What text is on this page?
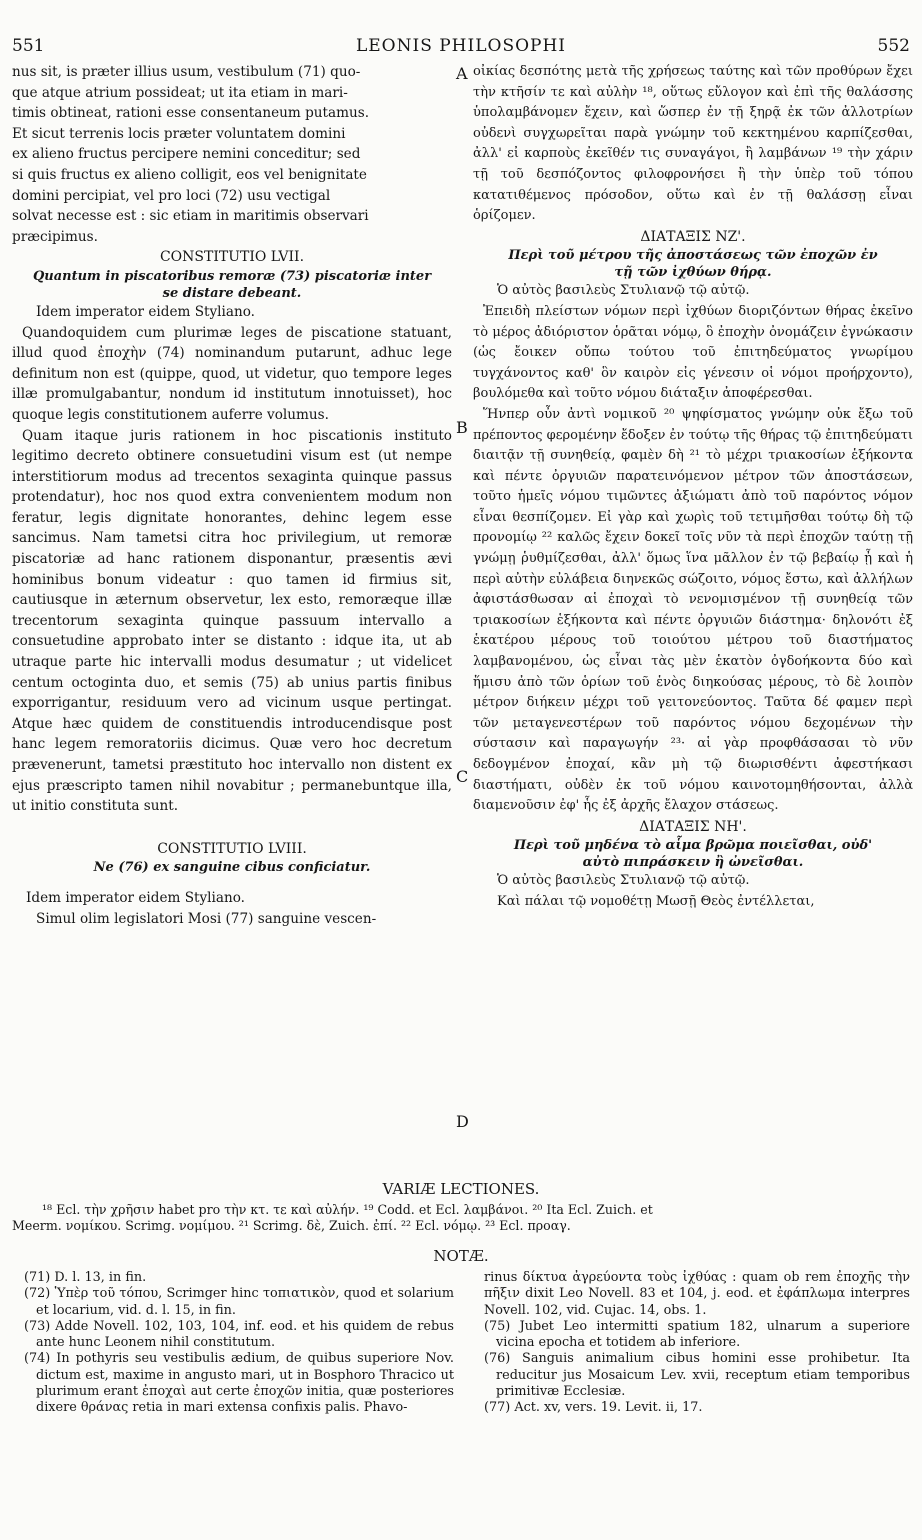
551	LEONIS PHILOSOPHI	552
A
B
C
D
nus sit, is præter illius usum, vestibulum (71) quo-
que atque atrium possideat; ut ita etiam in mari-
timis obtineat, rationi esse consentaneum putamus.
Et sicut terrenis locis præter voluntatem domini
ex alieno fructus percipere nemini conceditur; sed
si quis fructus ex alieno colligit, eos vel benignitate
domini percipiat, vel pro loci (72) usu vectigal
solvat necesse est : sic etiam in maritimis observari
præcipimus.

CONSTITUTIO LVII.

Quantum in piscatoribus remoræ (73) piscatoriæ inter

se distare debeant.

Idem imperator eidem Styliano.

Quandoquidem cum plurimæ leges de piscatione statuant, illud quod ἐποχὴν (74) nominandum putarunt, adhuc lege definitum non est (quippe, quod, ut videtur, quo tempore leges illæ promulgabantur, nondum id institutum innotuisset), hoc quoque legis constitutionem auferre volumus.

Quam itaque juris rationem in hoc piscationis instituto legitimo decreto obtinere consuetudini visum est (ut nempe interstitiorum modus ad trecentos sexaginta quinque passus protendatur), hoc nos quod extra convenientem modum non feratur, legis dignitate honorantes, dehinc legem esse sancimus. Nam tametsi citra hoc privilegium, ut remoræ piscatoriæ ad hanc rationem disponantur, præsentis ævi hominibus bonum videatur : quo tamen id firmius sit, cautiusque in æternum observetur, lex esto, remoræque illæ trecentorum sexaginta quinque passuum intervallo a consuetudine approbato inter se distanto : idque ita, ut ab utraque parte hic intervalli modus desumatur ; ut videlicet centum octoginta duo, et semis (75) ab unius partis finibus exporrigantur, residuum vero ad vicinum usque pertingat. Atque hæc quidem de constituendis introducendisque post hanc legem remoratoriis dicimus. Quæ vero hoc decretum prævenerunt, tametsi præstituto hoc intervallo non distent ex ejus præscripto tamen nihil novabitur ; permanebuntque illa, ut initio constituta sunt.

CONSTITUTIO LVIII.

Ne (76) ex sanguine cibus conficiatur.

Idem imperator eidem Styliano.

Simul olim legislatori Mosi (77) sanguine vescen-

οἰκίας δεσπότης μετὰ τῆς χρήσεως ταύτης καὶ τῶν προθύρων ἔχει τὴν κτῆσίν τε καὶ αὐλὴν ¹⁸, οὕτως εὔλογον καὶ ἐπὶ τῆς θαλάσσης ὑπολαμβάνομεν ἔχειν, καὶ ὥσπερ ἐν τῇ ξηρᾷ ἐκ τῶν ἀλλοτρίων οὐδενὶ συγχωρεῖται παρὰ γνώμην τοῦ κεκτημένου καρπίζεσθαι, ἀλλ' εἰ καρποὺς ἐκεῖθέν τις συναγάγοι, ἢ λαμβάνων ¹⁹ τὴν χάριν τῇ τοῦ δεσπόζοντος φιλοφρονήσει ἢ τὴν ὑπὲρ τοῦ τόπου κατατιθέμενος πρόσοδον, οὕτω καὶ ἐν τῇ θαλάσσῃ εἶναι ὁρίζομεν.

ΔΙΑΤΑΞΙΣ ΝΖ'.

Περὶ τοῦ μέτρου τῆς ἀποστάσεως τῶν ἐποχῶν ἐν

τῇ τῶν ἰχθύων θήρᾳ.

Ὁ αὐτὸς βασιλεὺς Στυλιανῷ τῷ αὐτῷ.

Ἐπειδὴ πλείστων νόμων περὶ ἰχθύων διοριζόντων θήρας ἐκεῖνο τὸ μέρος ἀδιόριστον ὁρᾶται νόμῳ, ὃ ἐποχὴν ὀνομάζειν ἐγνώκασιν (ὡς ἔοικεν οὔπω τούτου τοῦ ἐπιτηδεύματος γνωρίμου τυγχάνοντος καθ' ὃν καιρὸν εἰς γένεσιν οἱ νόμοι προήρχοντο), βουλόμεθα καὶ τοῦτο νόμου διάταξιν ἀποφέρεσθαι.

Ἥνπερ οὖν ἀντὶ νομικοῦ ²⁰ ψηφίσματος γνώμην οὐκ ἔξω τοῦ πρέποντος φερομένην ἔδοξεν ἐν τούτῳ τῆς θήρας τῷ ἐπιτηδεύματι διαιτᾷν τῇ συνηθείᾳ, φαμὲν δὴ ²¹ τὸ μέχρι τριακοσίων ἑξήκοντα καὶ πέντε ὀργυιῶν παρατεινόμενον μέτρον τῶν ἀποστάσεων, τοῦτο ἡμεῖς νόμου τιμῶντες ἀξιώματι ἀπὸ τοῦ παρόντος νόμον εἶναι θεσπίζομεν. Εἰ γὰρ καὶ χωρὶς τοῦ τετιμῆσθαι τούτῳ δὴ τῷ προνομίῳ ²² καλῶς ἔχειν δοκεῖ τοῖς νῦν τὰ περὶ ἐποχῶν ταύτῃ τῇ γνώμῃ ῥυθμίζεσθαι, ἀλλ' ὅμως ἵνα μᾶλλον ἐν τῷ βεβαίῳ ᾖ καὶ ἡ περὶ αὐτὴν εὐλάβεια διηνεκῶς σώζοιτο, νόμος ἔστω, καὶ ἀλλήλων ἀφιστάσθωσαν αἱ ἐποχαὶ τὸ νενομισμένον τῇ συνηθείᾳ τῶν τριακοσίων ἑξήκοντα καὶ πέντε ὀργυιῶν διάστημα· δηλονότι ἐξ ἑκατέρου μέρους τοῦ τοιούτου μέτρου τοῦ διαστήματος λαμβανομένου, ὡς εἶναι τὰς μὲν ἑκατὸν ὀγδοήκοντα δύο καὶ ἥμισυ ἀπὸ τῶν ὁρίων τοῦ ἑνὸς διηκούσας μέρους, τὸ δὲ λοιπὸν μέτρον διήκειν μέχρι τοῦ γειτονεύοντος. Ταῦτα δέ φαμεν περὶ τῶν μεταγενεστέρων τοῦ παρόντος νόμου δεχομένων τὴν σύστασιν καὶ παραγωγήν ²³· αἱ γὰρ προφθάσασαι τὸ νῦν δεδογμένον ἐποχαί, κἂν μὴ τῷ διωρισθέντι ἀφεστήκασι διαστήματι, οὐδὲν ἐκ τοῦ νόμου καινοτομηθήσονται, ἀλλὰ διαμενοῦσιν ἐφ' ἧς ἐξ ἀρχῆς ἔλαχον στάσεως.

ΔΙΑΤΑΞΙΣ ΝΗ'.

Περὶ τοῦ μηδένα τὸ αἷμα βρῶμα ποιεῖσθαι, οὐδ'

αὐτὸ πιπράσκειν ἢ ὠνεῖσθαι.

Ὁ αὐτὸς βασιλεὺς Στυλιανῷ τῷ αὐτῷ.

Καὶ πάλαι τῷ νομοθέτῃ Μωσῇ Θεὸς ἐντέλλεται,

VARIÆ LECTIONES.

¹⁸ Ecl. τὴν χρῆσιν habet pro τὴν κτ. τε καὶ αὐλήν. ¹⁹ Codd. et Ecl. λαμβάνοι. ²⁰ Ita Ecl. Zuich. et

Meerm. νομίκου. Scrimg. νομίμου. ²¹ Scrimg. δὲ, Zuich. ἐπί. ²² Ecl. νόμῳ. ²³ Ecl. προαγ.

NOTÆ.

(71) D. l. 13, in fin.

(72) Ὑπὲρ τοῦ τόπου, Scrimger hinc τοπιατικὸν, quod et solarium et locarium, vid. d. l. 15, in fin.

(73) Adde Novell. 102, 103, 104, inf. eod. et his quidem de rebus ante hunc Leonem nihil constitutum.

(74) In pothyris seu vestibulis ædium, de quibus superiore Nov. dictum est, maxime in angusto mari, ut in Bosphoro Thracico ut plurimum erant ἐποχαὶ aut certe ἐποχῶν initia, quæ posteriores dixere θράνας retia in mari extensa confixis palis. Phavo-

rinus δίκτυα ἀγρεύοντα τοὺς ἰχθύας : quam ob rem ἐποχῆς τὴν πῆξιν dixit Leo Novell. 83 et 104, j. eod. et ἐφάπλωμα interpres Novell. 102, vid. Cujac. 14, obs. 1.

(75) Jubet Leo intermitti spatium 182, ulnarum a superiore vicina epocha et totidem ab inferiore.

(76) Sanguis animalium cibus homini esse prohibetur. Ita reducitur jus Mosaicum Lev. xvii, receptum etiam temporibus primitivæ Ecclesiæ.

(77) Act. xv, vers. 19. Levit. ii, 17.
